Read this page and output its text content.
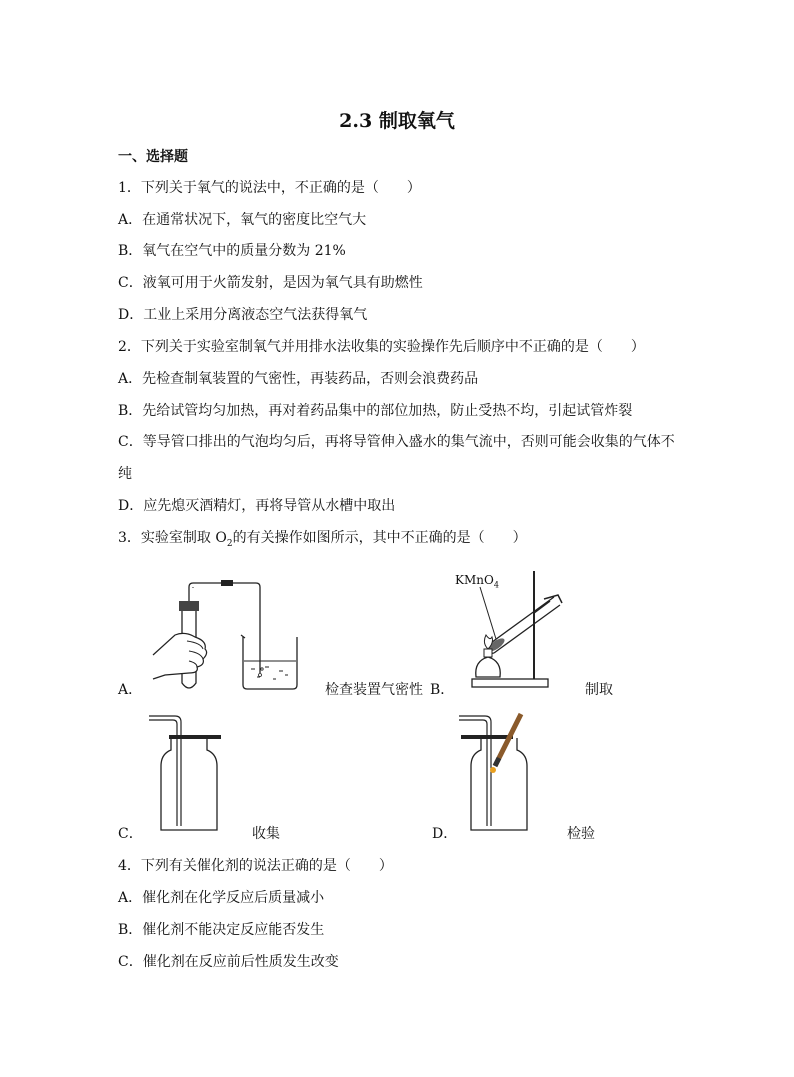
2.3 制取氧气
一、选择题
1．下列关于氧气的说法中，不正确的是（　　）
A．在通常状况下，氧气的密度比空气大
B．氧气在空气中的质量分数为 21%
C．液氧可用于火箭发射，是因为氧气具有助燃性
D．工业上采用分离液态空气法获得氧气
2．下列关于实验室制氧气并用排水法收集的实验操作先后顺序中不正确的是（　　）
A．先检查制氧装置的气密性，再装药品，否则会浪费药品
B．先给试管均匀加热，再对着药品集中的部位加热，防止受热不均，引起试管炸裂
C．等导管口排出的气泡均匀后，再将导管伸入盛水的集气流中，否则可能会收集的气体不
纯
D．应先熄灭酒精灯，再将导管从水槽中取出
3．实验室制取 $O_2$的有关操作如图所示，其中不正确的是（　　）
A．	检查装置气密性 B．
KMnO$_4$
制取
C．	收集	D．	检验
4．下列有关催化剂的说法正确的是（　　）
A．催化剂在化学反应后质量减小
B．催化剂不能决定反应能否发生
C．催化剂在反应前后性质发生改变
